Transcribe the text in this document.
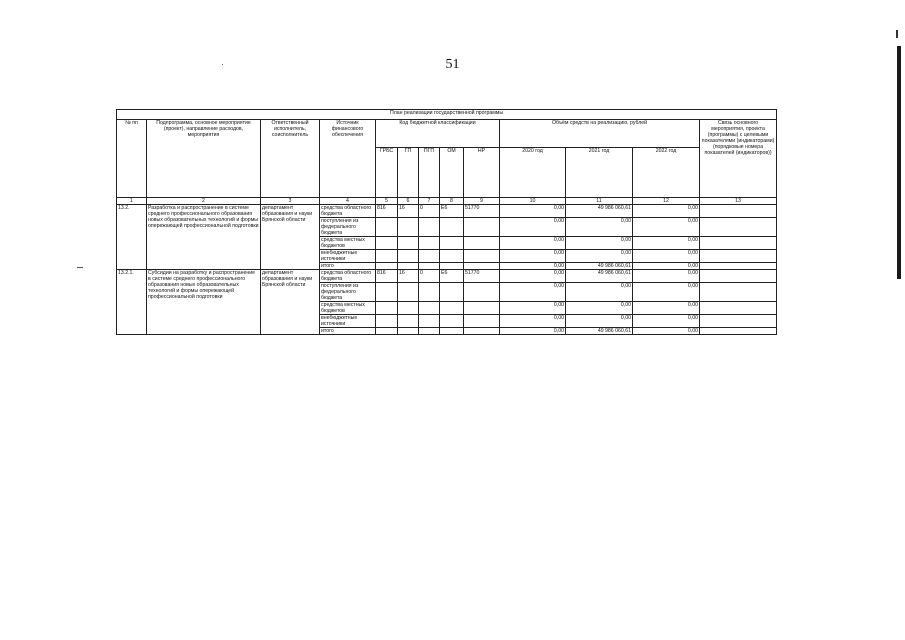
51
·
План реализации государственной программы												
№ пп	Подпрограмма, основное мероприятие (проект), направление расходов, мероприятия	Ответственный исполнитель, соисполнитель	Источник финансового обеспечения	Код бюджетной классификации					Объём средств на реализацию, рублей			Связь основного мероприятия, проекта (программы) с целевыми показателями (индикаторами) (порядковые номера показателей (индикаторов))
				ГРБС	ГП	ПГП	ОМ	НР	2020 год	2021 год	2022 год	
1	2	3	4	5	6	7	8	9	10	11	12	13
13.2.	Разработка и распространение в системе среднего профессионального образования новых образовательных технологий и формы опережающей профессиональной подготовки	департамент образования и науки Брянской области	средства областного бюджета	816	16	0	E6	51770	0,00	49 986 060,61	0,00	
			поступления из федерального бюджета						0,00	0,00	0,00	
			средства местных бюджетов						0,00	0,00	0,00	
			внебюджетные источники						0,00	0,00	0,00	
			итого						0,00	49 986 060,61	0,00	
13.2.1.	Субсидии на разработку и распространение в системе среднего профессионального образования новых образовательных технологий и формы опережающей профессиональной подготовки	департамент образования и науки Брянской области	средства областного бюджета	816	16	0	E6	51770	0,00	49 986 060,61	0,00	
			поступления из федерального бюджета						0,00	0,00	0,00	
			средства местных бюджетов						0,00	0,00	0,00	
			внебюджетные источники						0,00	0,00	0,00	
			итого						0,00	49 986 060,61	0,00	
